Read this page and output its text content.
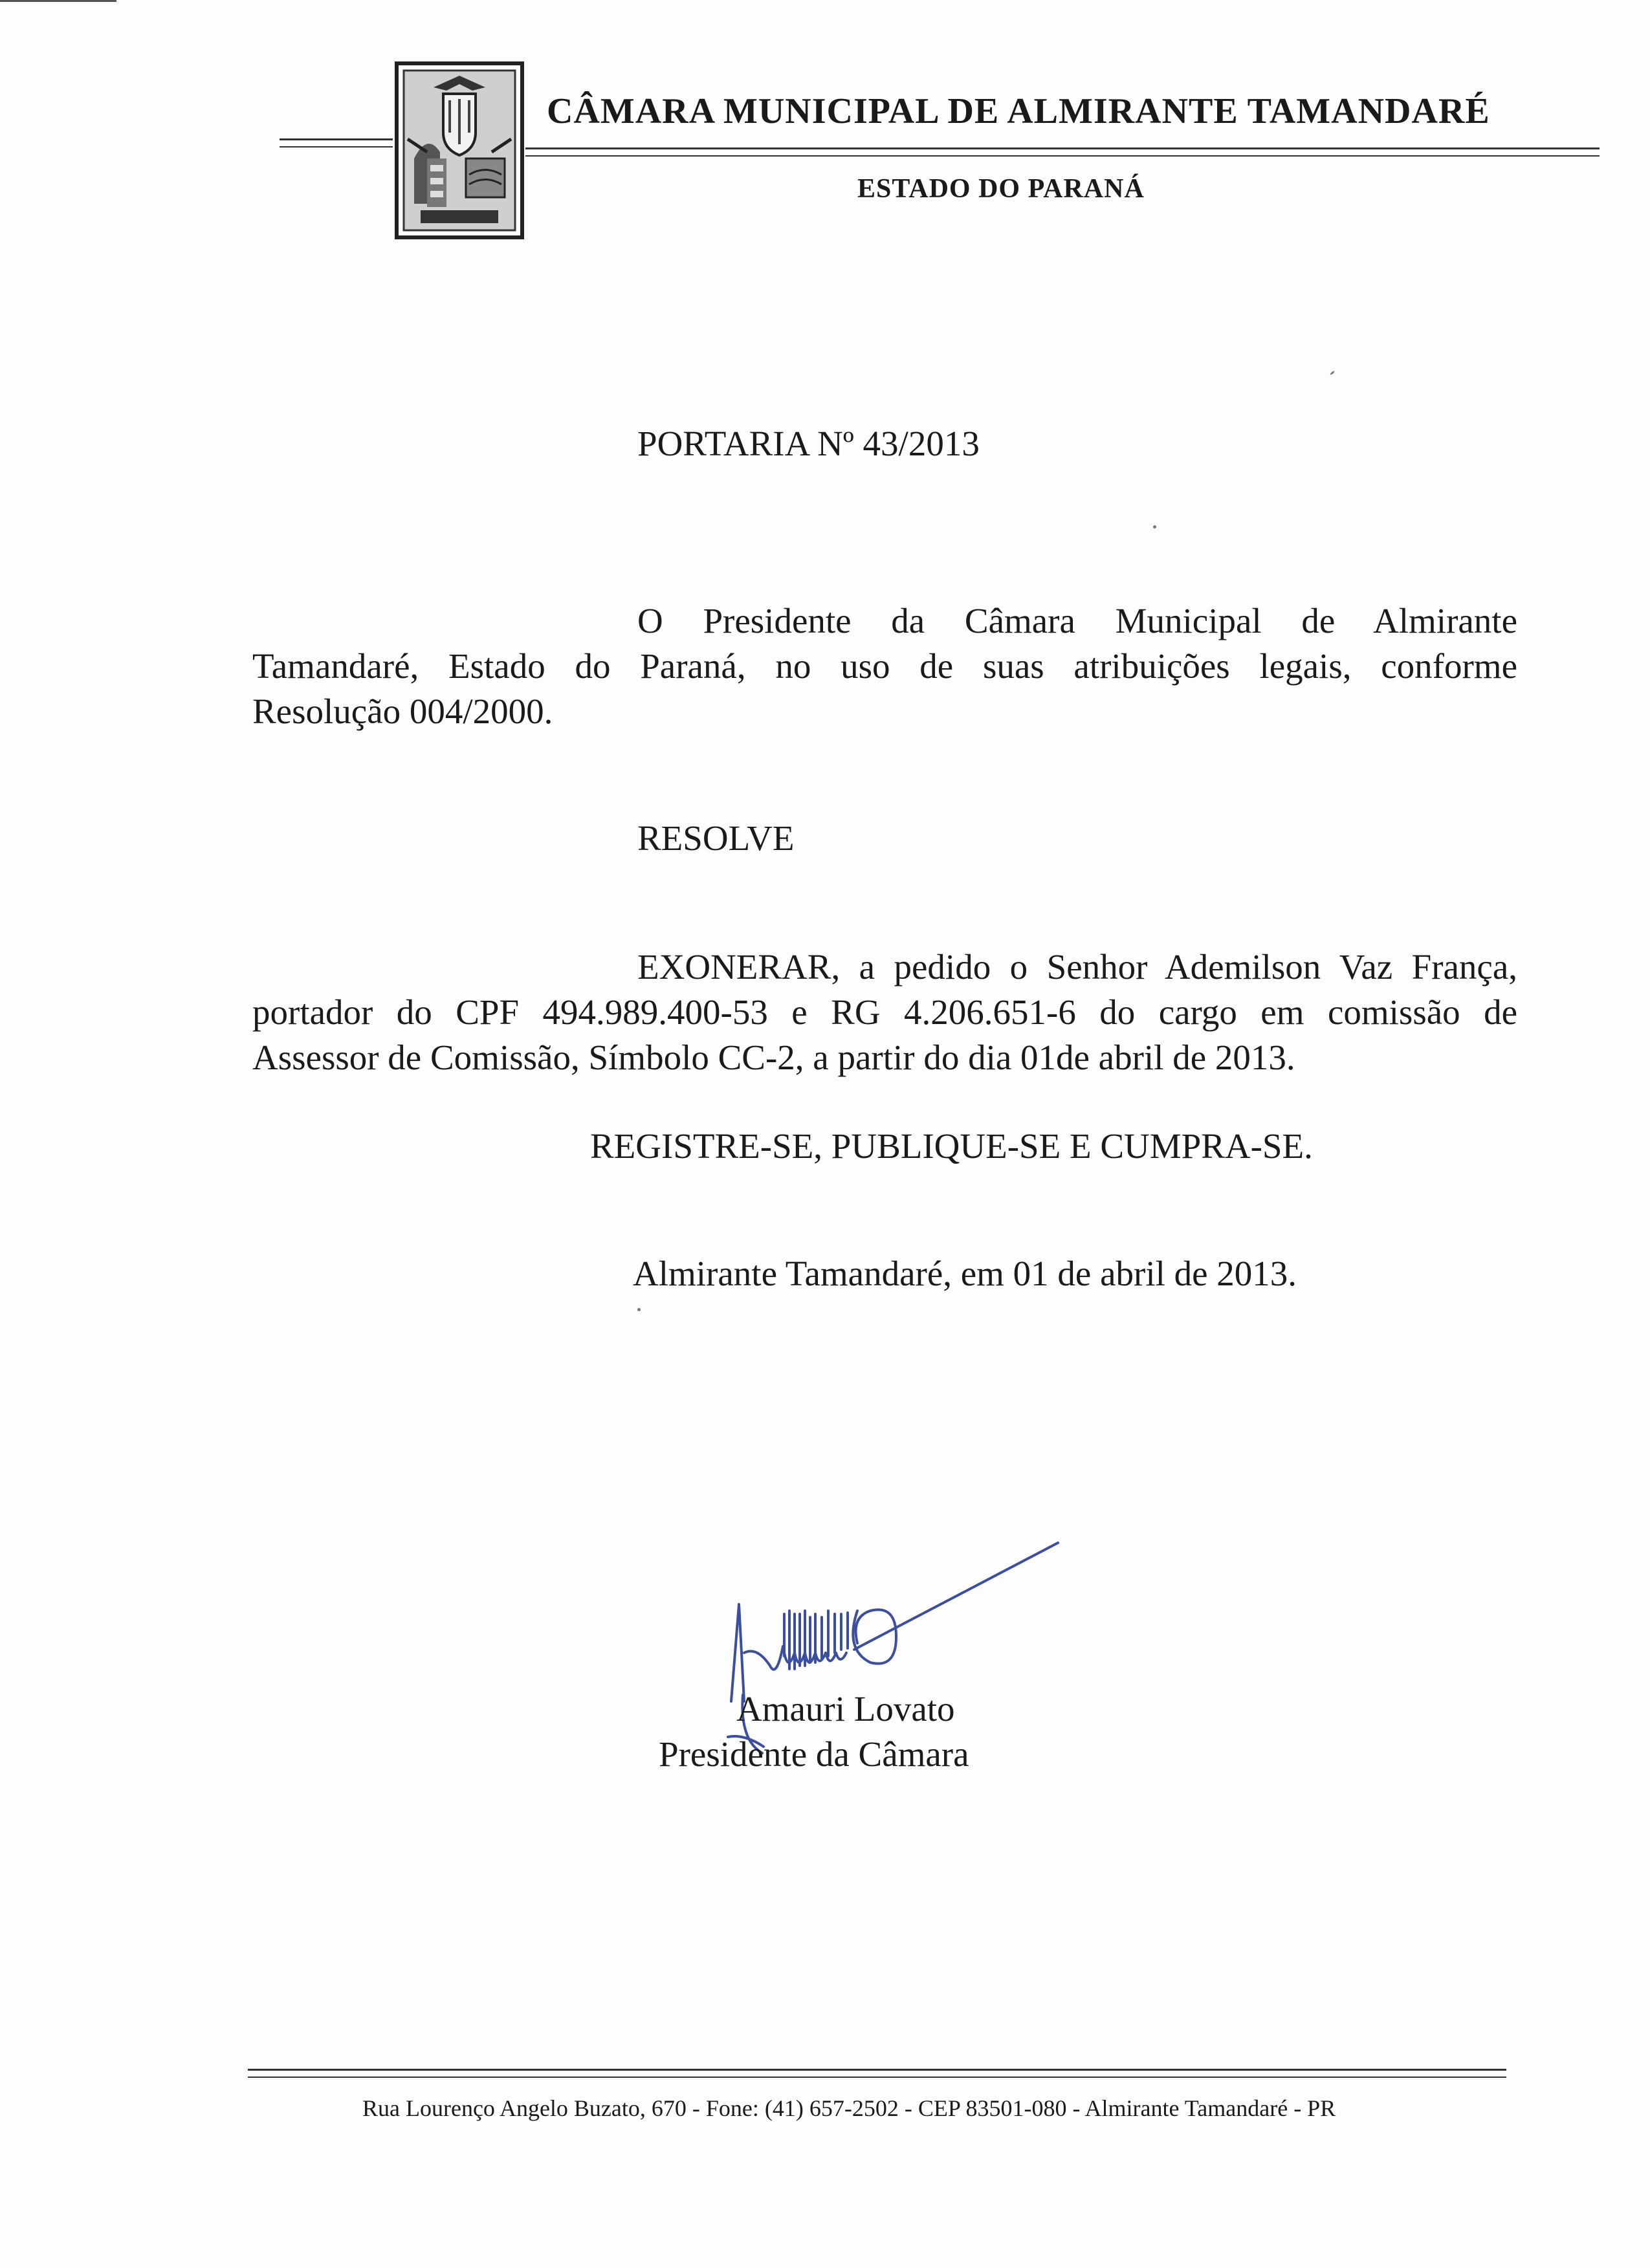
CÂMARA MUNICIPAL DE ALMIRANTE TAMANDARÉ
ESTADO DO PARANÁ
PORTARIA Nº 43/2013
O Presidente da Câmara Municipal de Almirante
Tamandaré, Estado do Paraná, no uso de suas atribuições legais, conforme
Resolução 004/2000.
RESOLVE
EXONERAR, a pedido o Senhor Ademilson Vaz França,
portador do CPF 494.989.400-53 e RG 4.206.651-6 do cargo em comissão de
Assessor de Comissão, Símbolo CC-2, a partir do dia 01de abril de 2013.
REGISTRE-SE, PUBLIQUE-SE E CUMPRA-SE.
Almirante Tamandaré, em 01 de abril de 2013.
Amauri Lovato
Presidente da Câmara
Rua Lourenço Angelo Buzato, 670 - Fone: (41) 657-2502 - CEP 83501-080 - Almirante Tamandaré - PR
